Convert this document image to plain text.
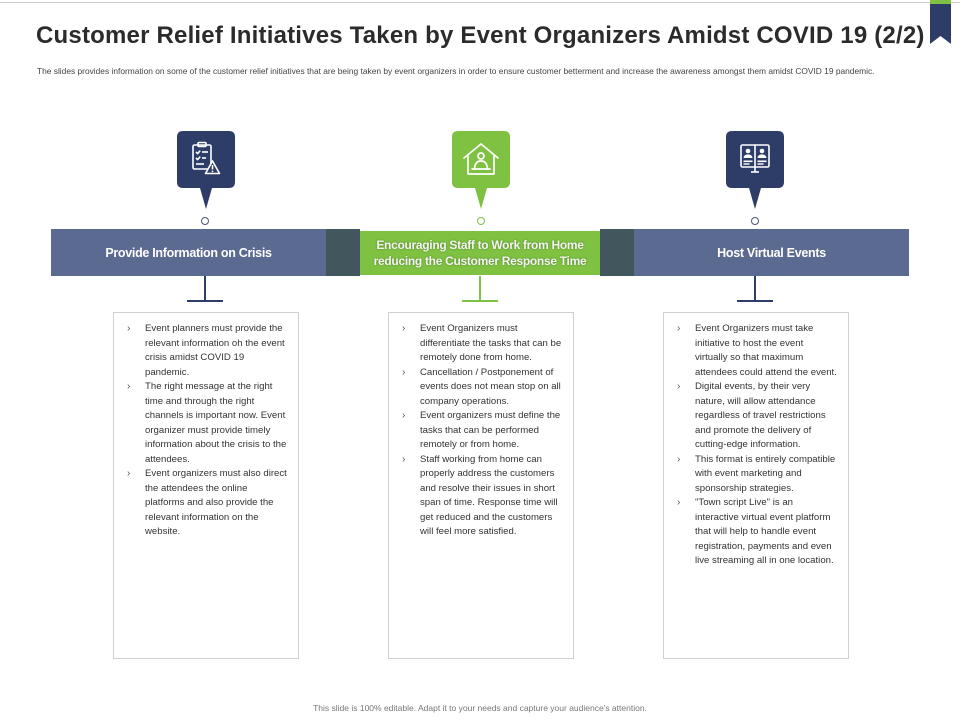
Customer Relief Initiatives Taken by Event Organizers Amidst COVID 19 (2/2)

The slides provides information on some of the customer relief initiatives that are being taken by event organizers in order to ensure customer betterment and increase the awareness amongst them amidst COVID 19 pandemic.

Provide Information on Crisis
Encouraging Staff to Work from Home
reducing the Customer Response Time
Host Virtual Events
› Event planners must provide the relevant information oh the event crisis amidst COVID 19 pandemic.
› The right message at the right time and through the right channels is important now. Event organizer must provide timely information about the crisis to the attendees.
› Event organizers must also direct the attendees the online platforms and also provide the relevant information on the website.
› Event Organizers must differentiate the tasks that can be remotely done from home.
› Cancellation / Postponement of events does not mean stop on all company operations.
› Event organizers must define the tasks that can be performed remotely or from home.
› Staff working from home can properly address the customers and resolve their issues in short span of time. Response time will get reduced and the customers will feel more satisfied.
› Event Organizers must take initiative to host the event virtually so that maximum attendees could attend the event.
› Digital events, by their very nature, will allow attendance regardless of travel restrictions and promote the delivery of cutting-edge information.
› This format is entirely compatible with event marketing and sponsorship strategies.
› "Town script Live" is an interactive virtual event platform that will help to handle event registration, payments and even live streaming all in one location.
This slide is 100% editable. Adapt it to your needs and capture your audience's attention.
